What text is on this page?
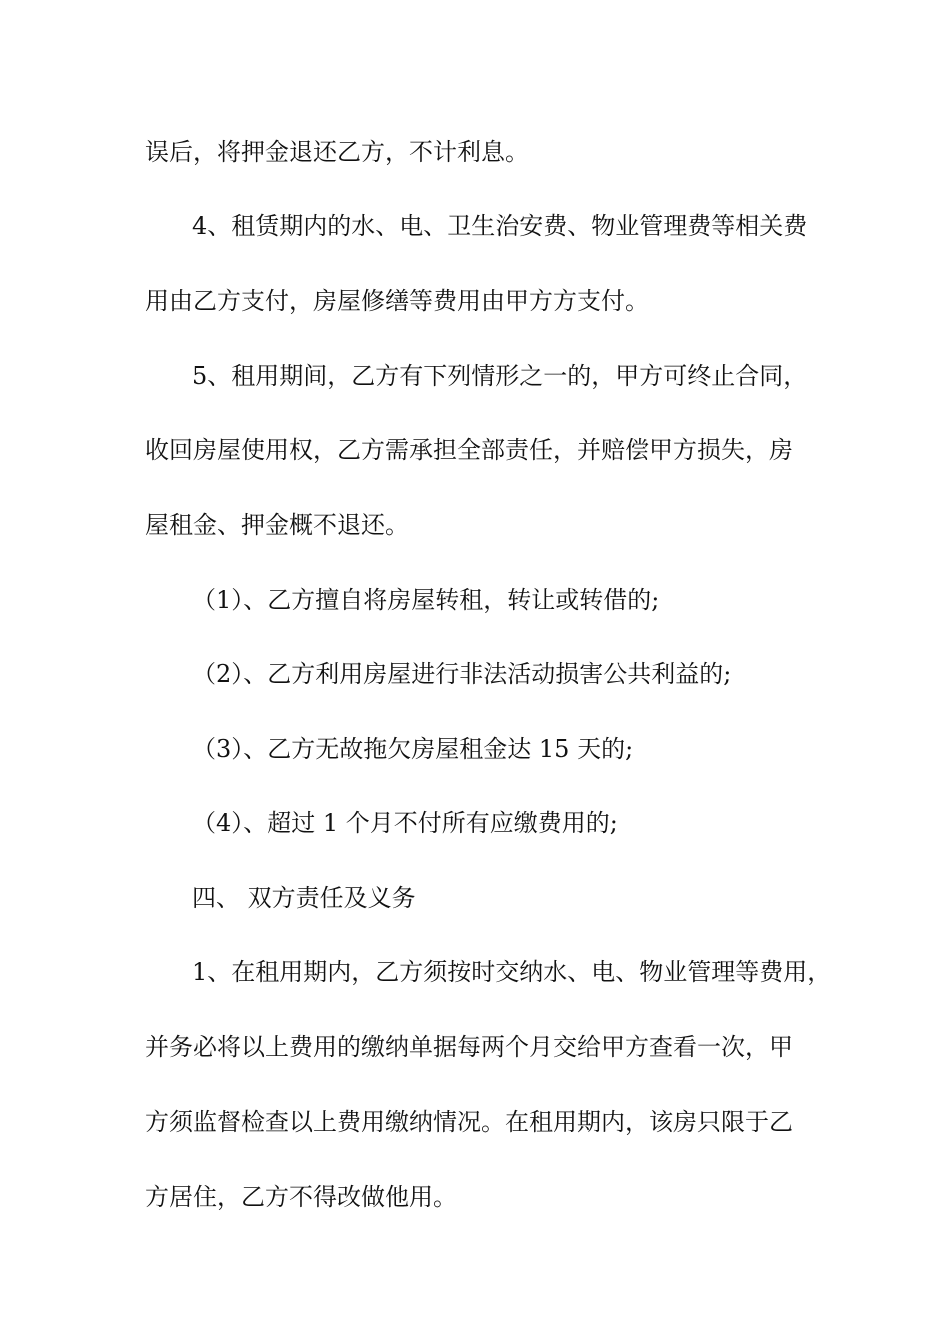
误后，将押金退还乙方，不计利息。
4、租赁期内的水、电、卫生治安费、物业管理费等相关费
用由乙方支付，房屋修缮等费用由甲方方支付。
5、租用期间，乙方有下列情形之一的，甲方可终止合同，
收回房屋使用权，乙方需承担全部责任，并赔偿甲方损失，房
屋租金、押金概不退还。
（1）、乙方擅自将房屋转租，转让或转借的;
（2）、乙方利用房屋进行非法活动损害公共利益的;
（3）、乙方无故拖欠房屋租金达 15 天的;
（4）、超过 1 个月不付所有应缴费用的;
四、 双方责任及义务
1、在租用期内，乙方须按时交纳水、电、物业管理等费用，
并务必将以上费用的缴纳单据每两个月交给甲方查看一次，甲
方须监督检查以上费用缴纳情况。在租用期内，该房只限于乙
方居住，乙方不得改做他用。
